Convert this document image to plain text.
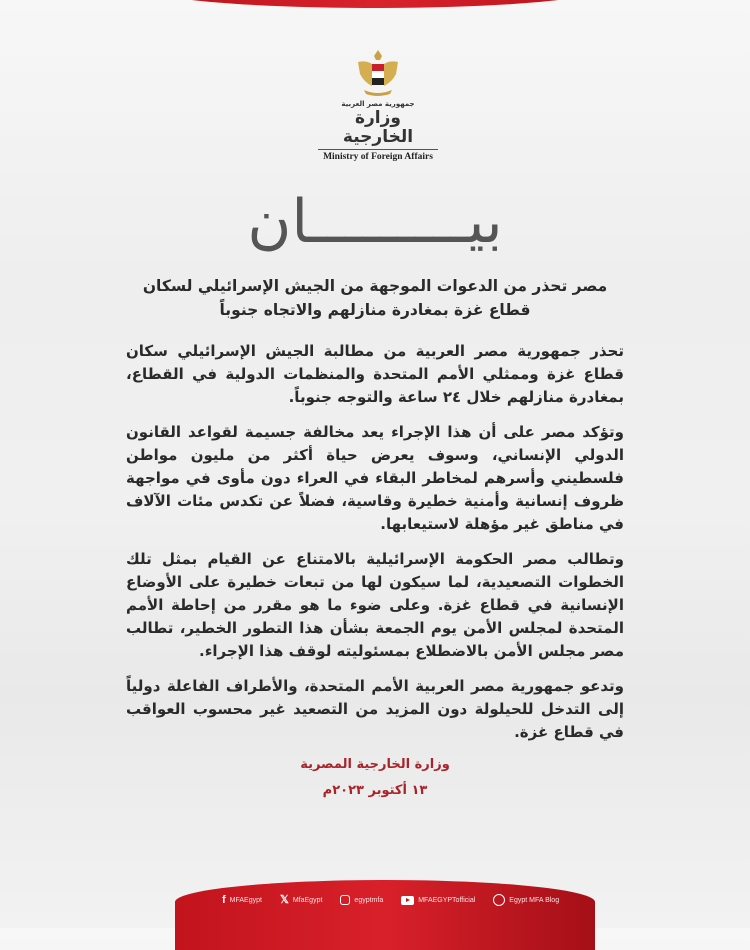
جمهورية مصر العربية
وزارة الخارجية
Ministry of Foreign Affairs
بيـــــــــان
مصر تحذر من الدعوات الموجهة من الجيش الإسرائيلي لسكان قطاع غزة بمغادرة منازلهم والاتجاه جنوباً

تحذر جمهورية مصر العربية من مطالبة الجيش الإسرائيلي سكان قطاع غزة وممثلي الأمم المتحدة والمنظمات الدولية في القطاع، بمغادرة منازلهم خلال ٢٤ ساعة والتوجه جنوباً.

وتؤكد مصر على أن هذا الإجراء يعد مخالفة جسيمة لقواعد القانون الدولي الإنساني، وسوف يعرض حياة أكثر من مليون مواطن فلسطيني وأسرهم لمخاطر البقاء في العراء دون مأوى في مواجهة ظروف إنسانية وأمنية خطيرة وقاسية، فضلاً عن تكدس مئات الآلاف في مناطق غير مؤهلة لاستيعابها.

وتطالب مصر الحكومة الإسرائيلية بالامتناع عن القيام بمثل تلك الخطوات التصعيدية، لما سيكون لها من تبعات خطيرة على الأوضاع الإنسانية في قطاع غزة. وعلى ضوء ما هو مقرر من إحاطة الأمم المتحدة لمجلس الأمن يوم الجمعة بشأن هذا التطور الخطير، تطالب مصر مجلس الأمن بالاضطلاع بمسئوليته لوقف هذا الإجراء.

وتدعو جمهورية مصر العربية الأمم المتحدة، والأطراف الفاعلة دولياً إلى التدخل للحيلولة دون المزيد من التصعيد غير محسوب العواقب في قطاع غزة.

وزارة الخارجية المصرية
١٣ أكتوبر ٢٠٢٣م
f MFAEgypt 𝕏 MfaEgypt	egyptmfa	MFAEGYPTofficial	Egypt MFA Blog
